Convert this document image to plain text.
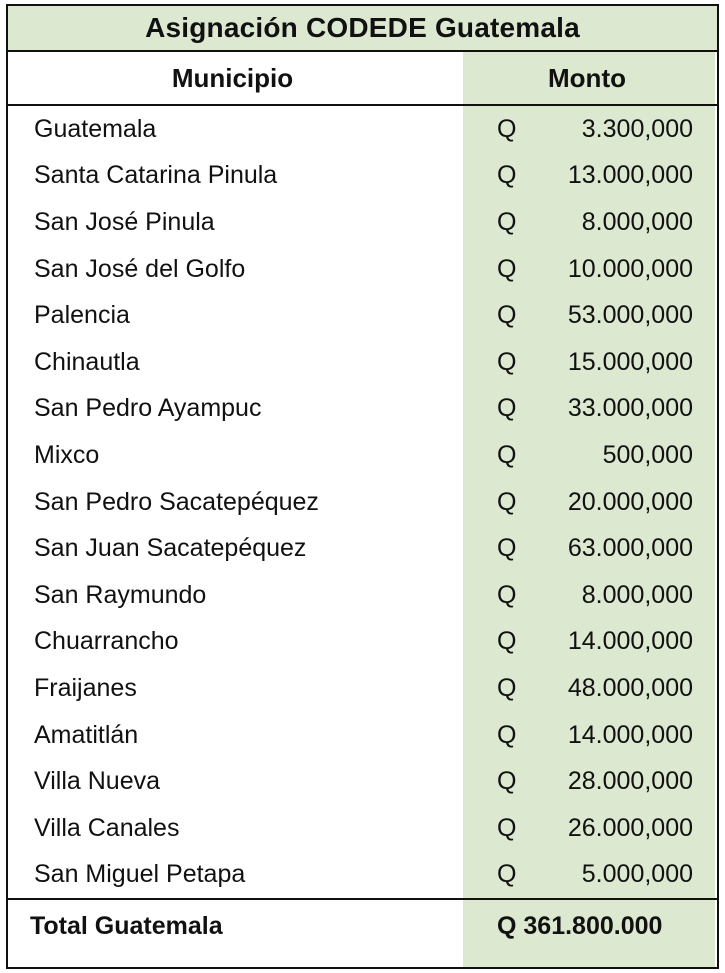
Asignación CODEDE Guatemala
Municipio	Monto
Guatemala	Q	3.300,000
Santa Catarina Pinula	Q	13.000,000
San José Pinula	Q	8.000,000
San José del Golfo	Q	10.000,000
Palencia	Q	53.000,000
Chinautla	Q	15.000,000
San Pedro Ayampuc	Q	33.000,000
Mixco	Q	500,000
San Pedro Sacatepéquez	Q	20.000,000
San Juan Sacatepéquez	Q	63.000,000
San Raymundo	Q	8.000,000
Chuarrancho	Q	14.000,000
Fraijanes	Q	48.000,000
Amatitlán	Q	14.000,000
Villa Nueva	Q	28.000,000
Villa Canales	Q	26.000,000
San Miguel Petapa	Q	5.000,000
Total Guatemala	Q 361.800.000
